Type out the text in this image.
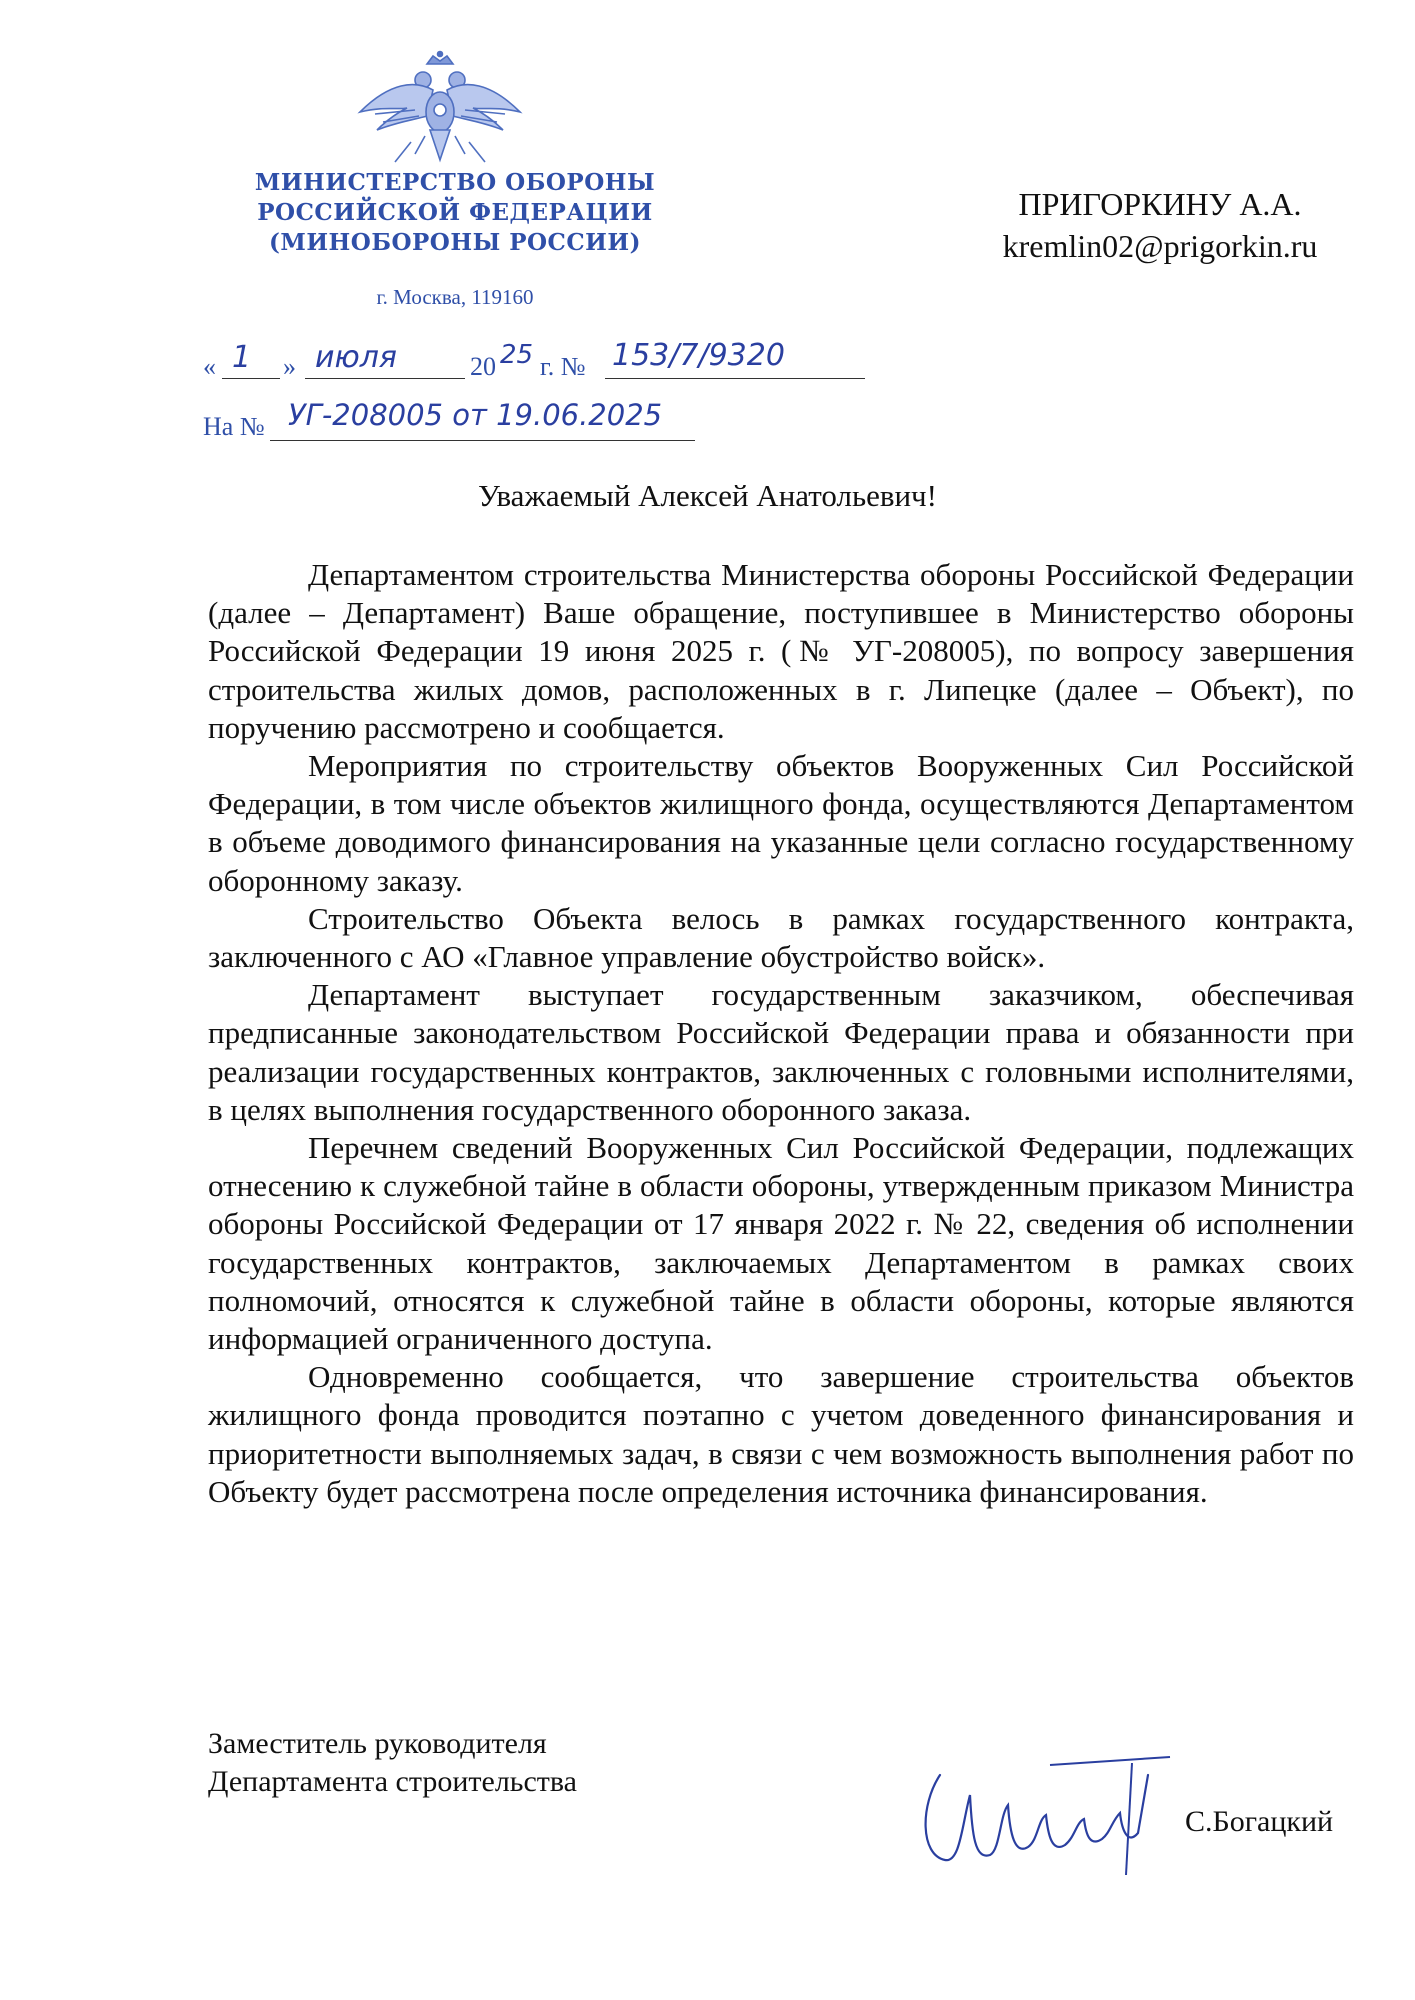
МИНИСТЕРСТВО ОБОРОНЫ
РОССИЙСКОЙ ФЕДЕРАЦИИ
(МИНОБОРОНЫ РОССИИ)
г. Москва, 119160
ПРИГОРКИНУ А.А.
kremlin02@prigorkin.ru
« 1 » июля	20 25 г. № 153/7/9320
На № УГ-208005 от 19.06.2025
Уважаемый Алексей Анатольевич!

Департаментом строительства Министерства обороны Российской Федерации (далее – Департамент) Ваше обращение, поступившее в Министерство обороны Российской Федерации 19 июня 2025 г. (№ УГ-208005), по вопросу завершения строительства жилых домов, расположенных в г. Липецке (далее – Объект), по поручению рассмотрено и сообщается.

Мероприятия по строительству объектов Вооруженных Сил Российской Федерации, в том числе объектов жилищного фонда, осуществляются Департаментом в объеме доводимого финансирования на указанные цели согласно государственному оборонному заказу.

Строительство Объекта велось в рамках государственного контракта, заключенного с АО «Главное управление обустройство войск».

Департамент выступает государственным заказчиком, обеспечивая предписанные законодательством Российской Федерации права и обязанности при реализации государственных контрактов, заключенных с головными исполнителями, в целях выполнения государственного оборонного заказа.

Перечнем сведений Вооруженных Сил Российской Федерации, подлежащих отнесению к служебной тайне в области обороны, утвержденным приказом Министра обороны Российской Федерации от 17 января 2022 г. № 22, сведения об исполнении государственных контрактов, заключаемых Департаментом в рамках своих полномочий, относятся к служебной тайне в области обороны, которые являются информацией ограниченного доступа.

Одновременно сообщается, что завершение строительства объектов жилищного фонда проводится поэтапно с учетом доведенного финансирования и приоритетности выполняемых задач, в связи с чем возможность выполнения работ по Объекту будет рассмотрена после определения источника финансирования.

Заместитель руководителя
Департамента строительства
С.Богацкий
